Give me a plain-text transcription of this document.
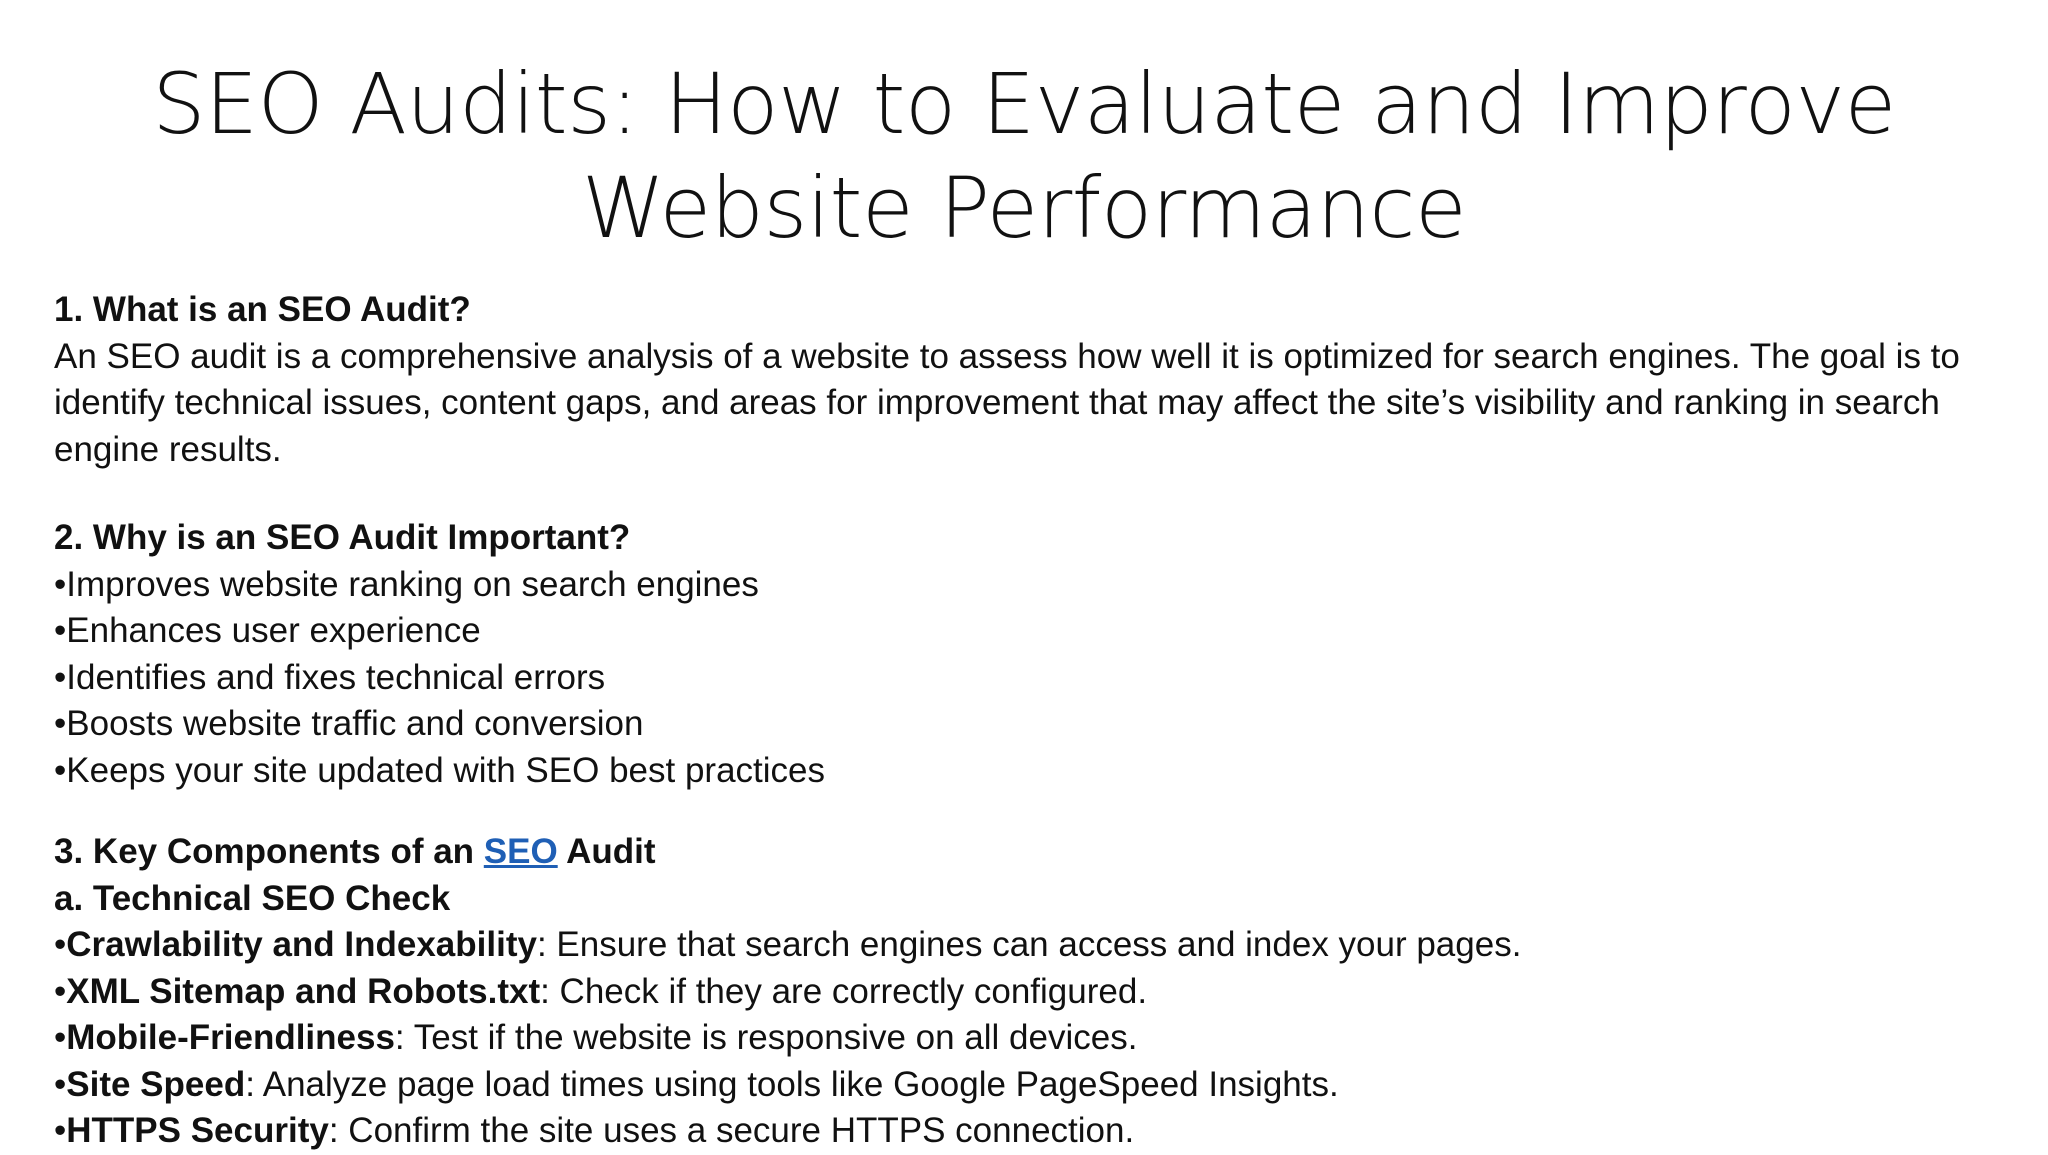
SEO Audits: How to Evaluate and Improve
Website Performance

1. What is an SEO Audit?

An SEO audit is a comprehensive analysis of a website to assess how well it is optimized for search engines. The goal is to identify technical issues, content gaps, and areas for improvement that may affect the site’s visibility and ranking in search engine results.

2. Why is an SEO Audit Important?

•Improves website ranking on search engines

•Enhances user experience

•Identifies and fixes technical errors

•Boosts website traffic and conversion

•Keeps your site updated with SEO best practices

3. Key Components of an SEO Audit

a. Technical SEO Check

•Crawlability and Indexability: Ensure that search engines can access and index your pages.

•XML Sitemap and Robots.txt: Check if they are correctly configured.

•Mobile-Friendliness: Test if the website is responsive on all devices.

•Site Speed: Analyze page load times using tools like Google PageSpeed Insights.

•HTTPS Security: Confirm the site uses a secure HTTPS connection.
